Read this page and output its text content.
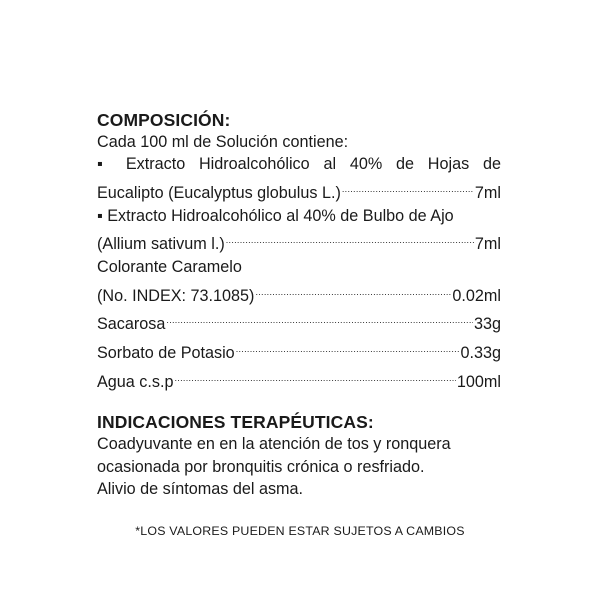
COMPOSICIÓN:
Cada 100 ml de Solución contiene:
▪ Extracto Hidroalcohólico al 40% de Hojas de
Eucalipto (Eucalyptus globulus L.) .....	7ml
▪ Extracto Hidroalcohólico al 40% de Bulbo de Ajo
(Allium sativum l.) .....	7ml
Colorante Caramelo
(No. INDEX: 73.1085) .....	0.02ml
Sacarosa .....	33g
Sorbato de Potasio .....	0.33g
Agua c.s.p .....	100ml
INDICACIONES TERAPÉUTICAS:
Coadyuvante en en la atención de tos y ronquera
ocasionada por bronquitis crónica o resfriado.
Alivio de síntomas del asma.
*LOS VALORES PUEDEN ESTAR SUJETOS A CAMBIOS
